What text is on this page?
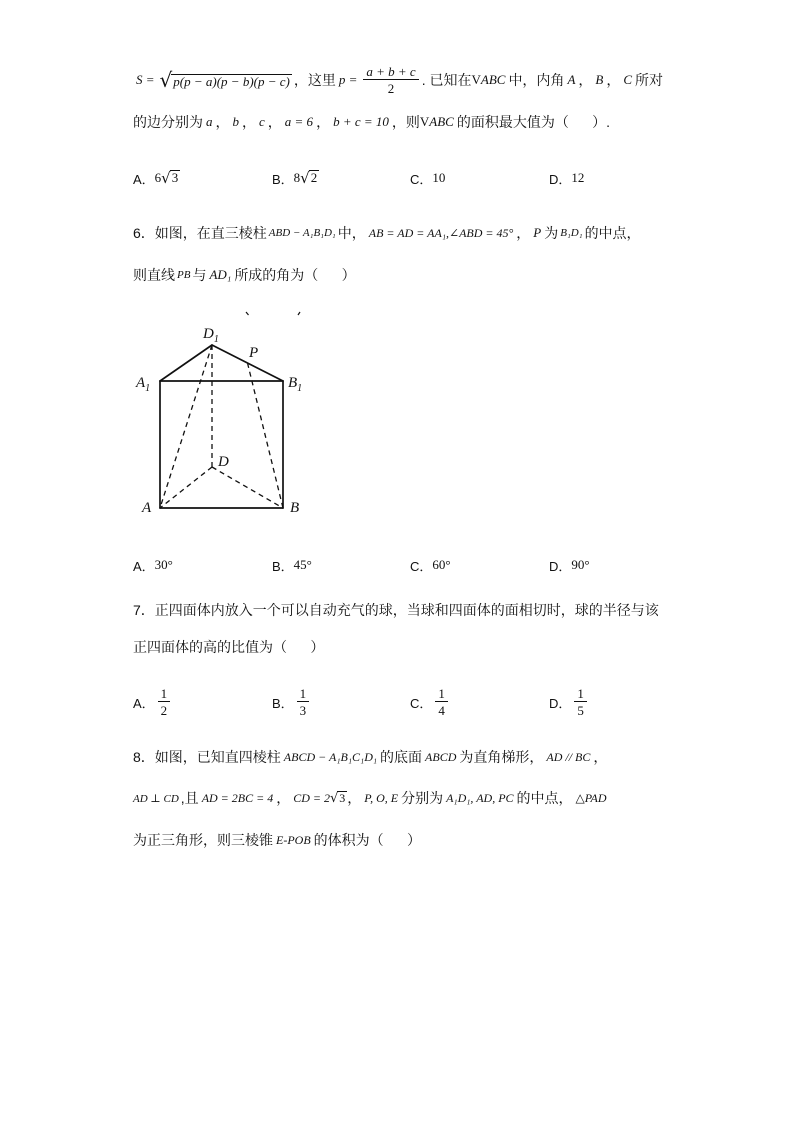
S = √ p(p − a)(p − b)(p − c) ，这里 $p = \frac{a + b + c}{2}$ . 已知在 V ABC 中，内角 A ， B ， C 所对
的边分别为 a ， b ， c ， a = 6 ， b + c = 10 ，则 V ABC 的面积最大值为（      ）.
A． 6 √ 3	B． 8 √ 2	C． 10	D． 12
6．如图，在直三棱柱 ABD − A₁B₁D₁ 中， AB = AD = AA₁,∠ABD = 45° ， P 为 B₁D₁ 的中点，
则直线 PB 与 AD₁ 所成的角为（      ）
$D_1$
P
$A_1$	$B_1$
D
A	B
A． 30°	B． 45°	C． 60°	D． 90°
7．正四面体内放入一个可以自动充气的球，当球和四面体的面相切时，球的半径与该
正四面体的高的比值为（      ）
A． $\frac{1}{2}$	B． $\frac{1}{3}$	C． $\frac{1}{4}$	D． $\frac{1}{5}$
8．如图，已知直四棱柱 ABCD − A₁B₁C₁D₁ 的底面 ABCD 为直角梯形， AD // BC ，
AD ⊥ CD ,且 AD = 2BC = 4 ， CD = 2 √ 3 ， P, O, E 分别为 A₁D₁, AD, PC 的中点， △PAD
为正三角形，则三棱锥 E-POB 的体积为（      ）
